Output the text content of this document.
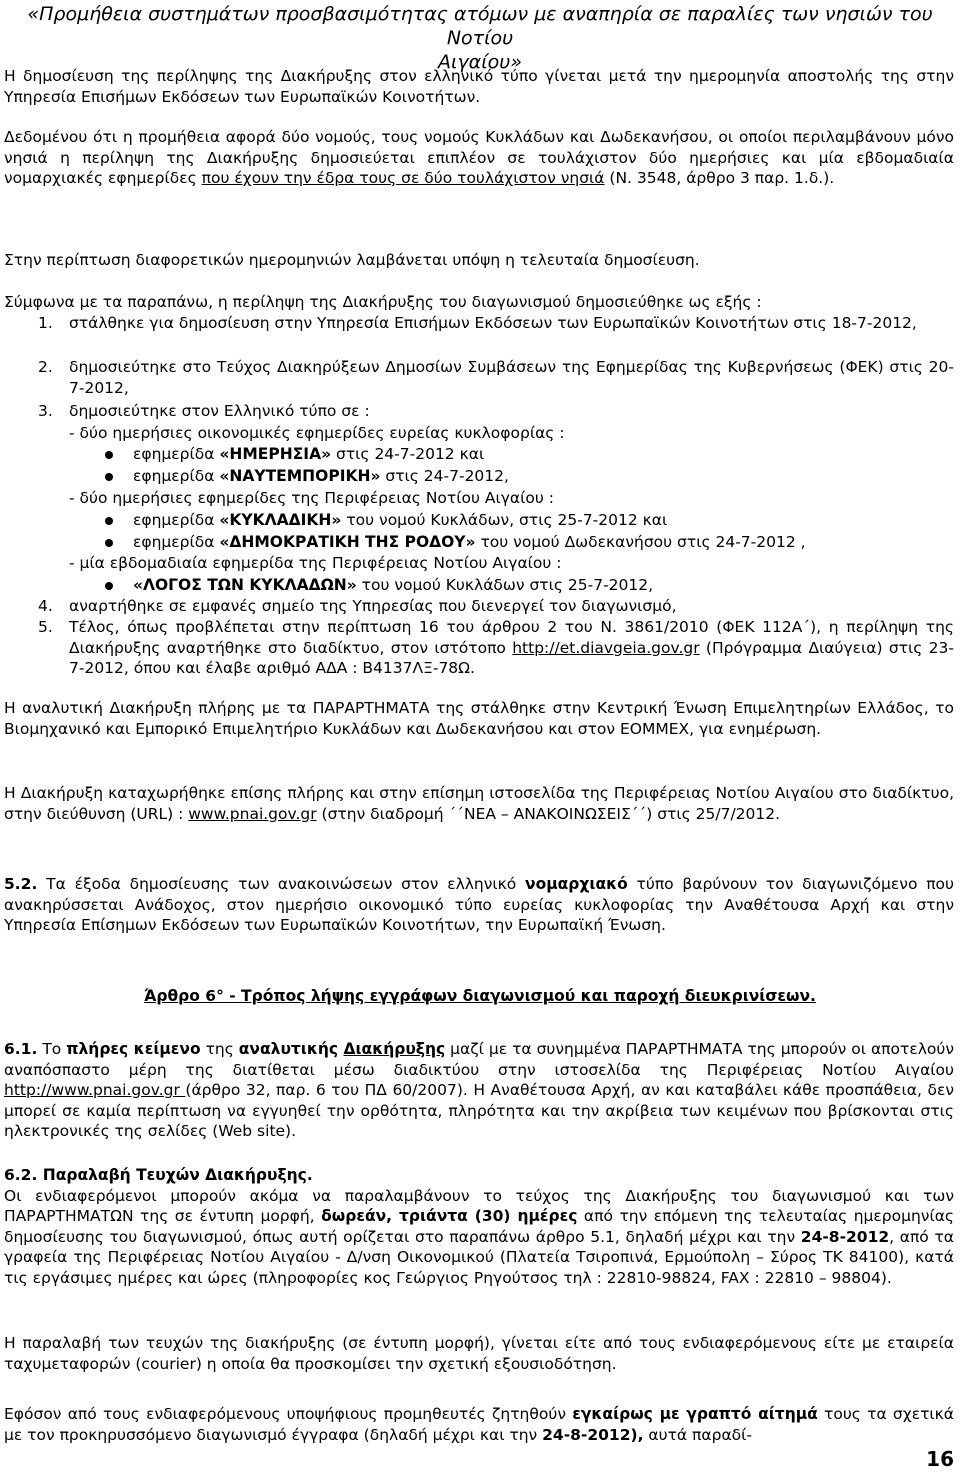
«Προμήθεια συστημάτων προσβασιμότητας ατόμων με αναπηρία σε παραλίες των νησιών του Νοτίου
Αιγαίου»

Η δημοσίευση της περίληψης της Διακήρυξης στον ελληνικό τύπο γίνεται μετά την ημερομηνία αποστολής της στην Υπηρεσία Επισήμων Εκδόσεων των Ευρωπαϊκών Κοινοτήτων.

Δεδομένου ότι η προμήθεια αφορά δύο νομούς, τους νομούς Κυκλάδων και Δωδεκανήσου, οι οποίοι περιλαμβάνουν μόνο νησιά η περίληψη της Διακήρυξης δημοσιεύεται επιπλέον σε τουλάχιστον δύο ημερήσιες και μία εβδομαδιαία νομαρχιακές εφημερίδες που έχουν την έδρα τους σε δύο τουλάχιστον νησιά (Ν. 3548, άρθρο 3 παρ. 1.δ.).

Στην περίπτωση διαφορετικών ημερομηνιών λαμβάνεται υπόψη η τελευταία δημοσίευση.

Σύμφωνα με τα παραπάνω, η περίληψη της Διακήρυξης του διαγωνισμού δημοσιεύθηκε ως εξής :

1. στάλθηκε για δημοσίευση στην Υπηρεσία Επισήμων Εκδόσεων των Ευρωπαϊκών Κοινοτήτων στις 18-7-2012,

2. δημοσιεύτηκε στο Τεύχος Διακηρύξεων Δημοσίων Συμβάσεων της Εφημερίδας της Κυβερνήσεως (ΦΕΚ) στις 20-7-2012,

3. δημοσιεύτηκε στον Ελληνικό τύπο σε :

- δύο ημερήσιες οικονομικές εφημερίδες ευρείας κυκλοφορίας :

εφημερίδα «ΗΜΕΡΗΣΙΑ» στις 24-7-2012 και

εφημερίδα «ΝΑΥΤΕΜΠΟΡΙΚΗ» στις 24-7-2012,

- δύο ημερήσιες εφημερίδες της Περιφέρειας Νοτίου Αιγαίου :

εφημερίδα «ΚΥΚΛΑΔΙΚΗ» του νομού Κυκλάδων, στις 25-7-2012 και

εφημερίδα «ΔΗΜΟΚΡΑΤΙΚΗ ΤΗΣ ΡΟΔΟΥ» του νομού Δωδεκανήσου στις 24-7-2012 ,

- μία εβδομαδιαία εφημερίδα της Περιφέρειας Νοτίου Αιγαίου :

«ΛΟΓΟΣ ΤΩΝ ΚΥΚΛΑΔΩΝ» του νομού Κυκλάδων στις 25-7-2012,

4. αναρτήθηκε σε εμφανές σημείο της Υπηρεσίας που διενεργεί τον διαγωνισμό,

5. Τέλος, όπως προβλέπεται στην περίπτωση 16 του άρθρου 2 του Ν. 3861/2010 (ΦΕΚ 112Α΄), η περίληψη της Διακήρυξης αναρτήθηκε στο διαδίκτυο, στον ιστότοπο http://et.diavgeia.gov.gr (Πρόγραμμα Διαύγεια) στις 23-7-2012, όπου και έλαβε αριθμό ΑΔΑ : Β4137ΛΞ-78Ω.

Η αναλυτική Διακήρυξη πλήρης με τα ΠΑΡΑΡΤΗΜΑΤΑ της στάλθηκε στην Κεντρική Ένωση Επιμελητηρίων Ελλάδος, το Βιομηχανικό και Εμπορικό Επιμελητήριο Κυκλάδων και Δωδεκανήσου και στον ΕΟΜΜΕΧ, για ενημέρωση.

Η Διακήρυξη καταχωρήθηκε επίσης πλήρης και στην επίσημη ιστοσελίδα της Περιφέρειας Νοτίου Αιγαίου στο διαδίκτυο, στην διεύθυνση (URL) : www.pnai.gov.gr (στην διαδρομή ΄΄ΝΕΑ – ΑΝΑΚΟΙΝΩΣΕΙΣ΄΄) στις 25/7/2012.

5.2. Τα έξοδα δημοσίευσης των ανακοινώσεων στον ελληνικό νομαρχιακό τύπο βαρύνουν τον διαγωνιζόμενο που ανακηρύσσεται Ανάδοχος, στον ημερήσιο οικονομικό τύπο ευρείας κυκλοφορίας την Αναθέτουσα Αρχή και στην Υπηρεσία Επίσημων Εκδόσεων των Ευρωπαϊκών Κοινοτήτων, την Ευρωπαϊκή Ένωση.

Άρθρο 6° - Τρόπος λήψης εγγράφων διαγωνισμού και παροχή διευκρινίσεων.

6.1. Το πλήρες κείμενο της αναλυτικής Διακήρυξης μαζί με τα συνημμένα ΠΑΡΑΡΤΗΜΑΤΑ της μπορούν οι αποτελούν αναπόσπαστο μέρη της διατίθεται μέσω διαδικτύου στην ιστοσελίδα της Περιφέρειας Νοτίου Αιγαίου http://www.pnai.gov.gr (άρθρο 32, παρ. 6 του ΠΔ 60/2007). Η Αναθέτουσα Αρχή, αν και καταβάλει κάθε προσπάθεια, δεν μπορεί σε καμία περίπτωση να εγγυηθεί την ορθότητα, πληρότητα και την ακρίβεια των κειμένων που βρίσκονται στις ηλεκτρονικές της σελίδες (Web site).

6.2. Παραλαβή Τευχών Διακήρυξης.
Οι ενδιαφερόμενοι μπορούν ακόμα να παραλαμβάνουν το τεύχος της Διακήρυξης του διαγωνισμού και των ΠΑΡΑΡΤΗΜΑΤΩΝ της σε έντυπη μορφή, δωρεάν, τριάντα (30) ημέρες από την επόμενη της τελευταίας ημερομηνίας δημοσίευσης του διαγωνισμού, όπως αυτή ορίζεται στο παραπάνω άρθρο 5.1, δηλαδή μέχρι και την 24-8-2012, από τα γραφεία της Περιφέρειας Νοτίου Αιγαίου - Δ/νση Οικονομικού (Πλατεία Τσιροπινά, Ερμούπολη – Σύρος ΤΚ 84100), κατά τις εργάσιμες ημέρες και ώρες (πληροφορίες κος Γεώργιος Ρηγούτσος τηλ : 22810-98824, FAX : 22810 – 98804).

Η παραλαβή των τευχών της διακήρυξης (σε έντυπη μορφή), γίνεται είτε από τους ενδιαφερόμενους είτε με εταιρεία ταχυμεταφορών (courier) η οποία θα προσκομίσει την σχετική εξουσιοδότηση.

Εφόσον από τους ενδιαφερόμενους υποψήφιους προμηθευτές ζητηθούν εγκαίρως με γραπτό αίτημά τους τα σχετικά με τον προκηρυσσόμενο διαγωνισμό έγγραφα (δηλαδή μέχρι και την 24-8-2012), αυτά παραδί-

16
